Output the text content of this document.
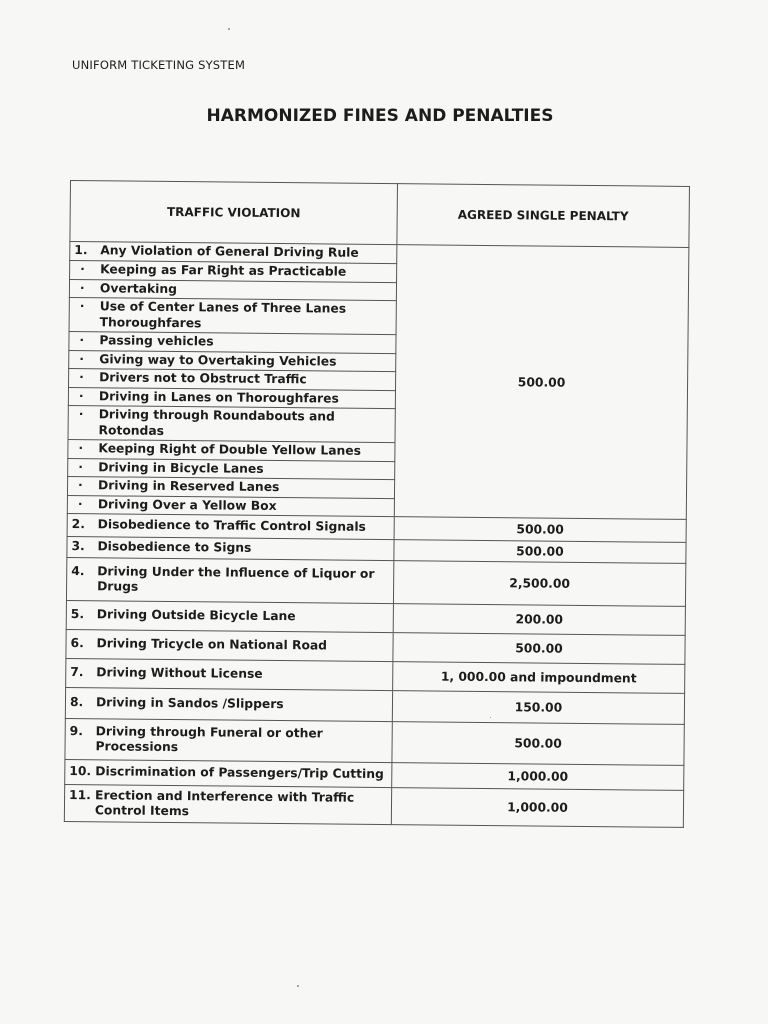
UNIFORM TICKETING SYSTEM
HARMONIZED FINES AND PENALTIES
TRAFFIC VIOLATION	AGREED SINGLE PENALTY

1. Any Violation of General Driving Rule	500.00

· Keeping as Far Right as Practicable	

· Overtaking	

· Use of Center Lanes of Three Lanes Thoroughfares	

· Passing vehicles	

· Giving way to Overtaking Vehicles	

· Drivers not to Obstruct Traffic	

· Driving in Lanes on Thoroughfares	

· Driving through Roundabouts and Rotondas	

· Keeping Right of Double Yellow Lanes	

· Driving in Bicycle Lanes	

· Driving in Reserved Lanes	

· Driving Over a Yellow Box	

2. Disobedience to Traffic Control Signals	500.00

3. Disobedience to Signs	500.00

4. Driving Under the Influence of Liquor or Drugs	2,500.00

5. Driving Outside Bicycle Lane	200.00

6. Driving Tricycle on National Road	500.00

7. Driving Without License	1, 000.00 and impoundment

8. Driving in Sandos /Slippers	150.00

9. Driving through Funeral or other Processions	500.00

10. Discrimination of Passengers/Trip Cutting	1,000.00

11. Erection and Interference with Traffic Control Items	1,000.00
